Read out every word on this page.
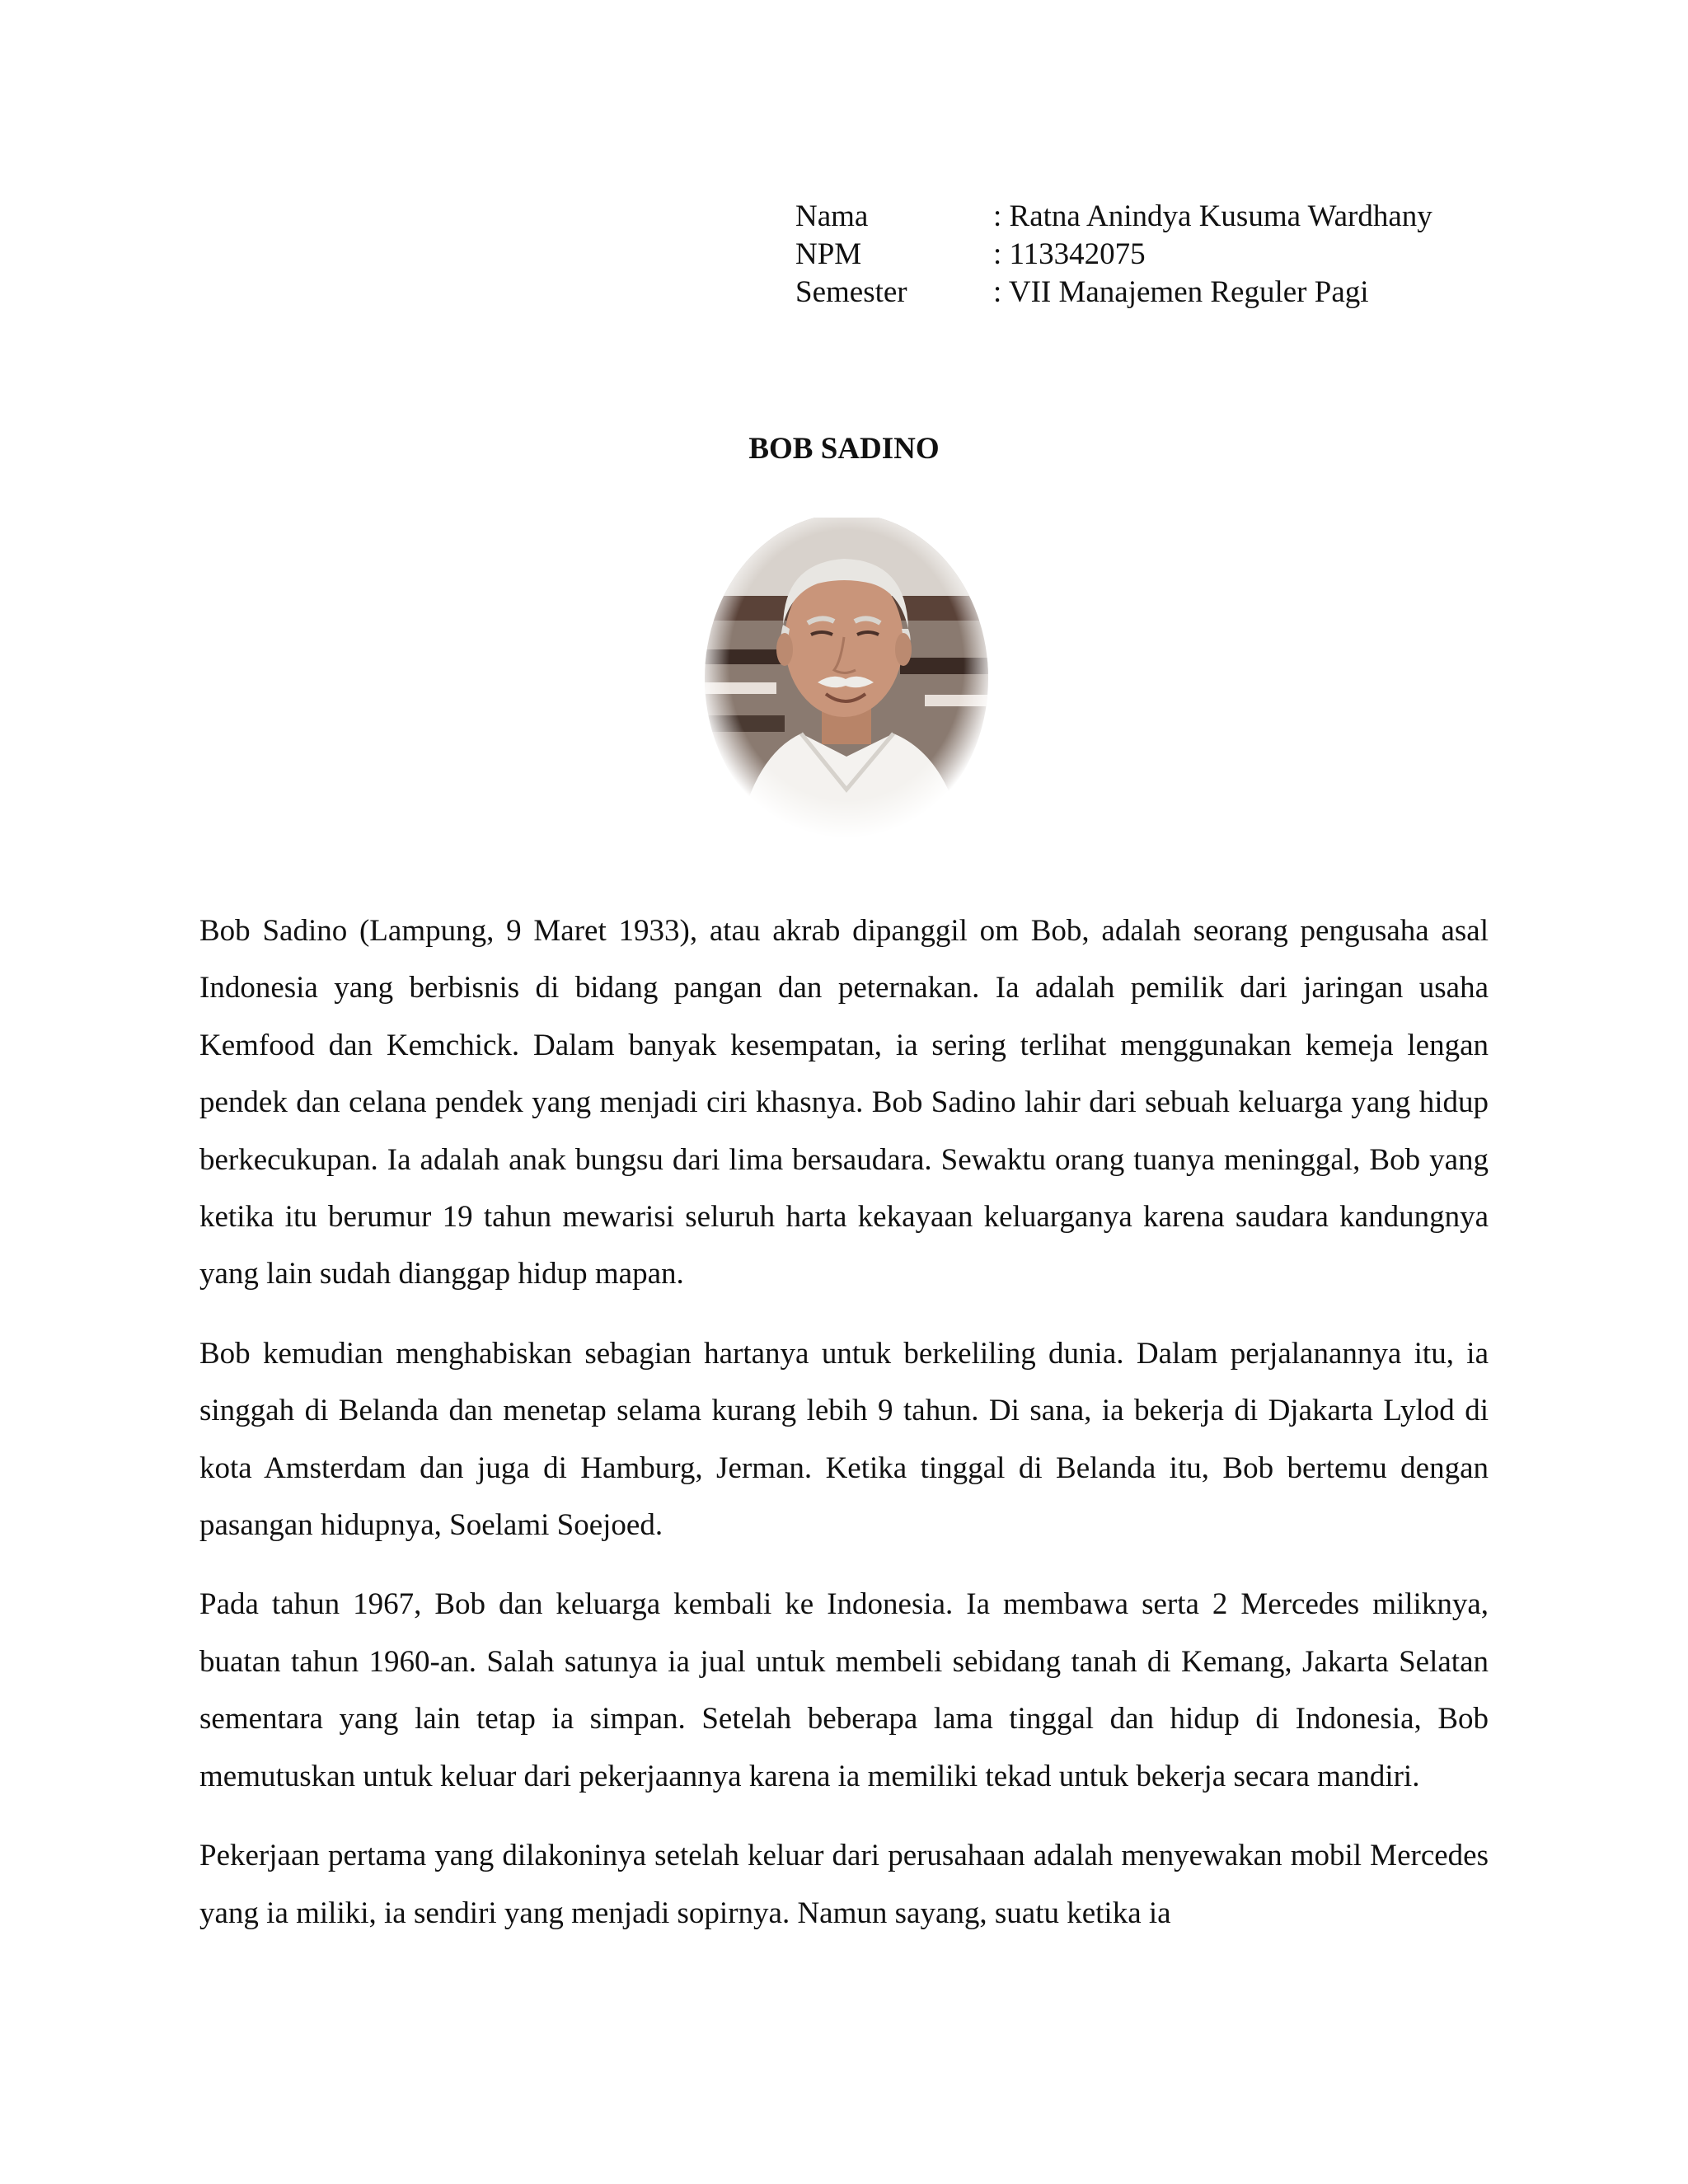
Nama	: Ratna Anindya Kusuma Wardhany
NPM	: 113342075
Semester	: VII Manajemen Reguler Pagi
BOB SADINO

Bob Sadino (Lampung, 9 Maret 1933), atau akrab dipanggil om Bob, adalah seorang pengusaha asal Indonesia yang berbisnis di bidang pangan dan peternakan. Ia adalah pemilik dari jaringan usaha Kemfood dan Kemchick. Dalam banyak kesempatan, ia sering terlihat menggunakan kemeja lengan pendek dan celana pendek yang menjadi ciri khasnya. Bob Sadino lahir dari sebuah keluarga yang hidup berkecukupan. Ia adalah anak bungsu dari lima bersaudara. Sewaktu orang tuanya meninggal, Bob yang ketika itu berumur 19 tahun mewarisi seluruh harta kekayaan keluarganya karena saudara kandungnya yang lain sudah dianggap hidup mapan.

Bob kemudian menghabiskan sebagian hartanya untuk berkeliling dunia. Dalam perjalanannya itu, ia singgah di Belanda dan menetap selama kurang lebih 9 tahun. Di sana, ia bekerja di Djakarta Lylod di kota Amsterdam dan juga di Hamburg, Jerman. Ketika tinggal di Belanda itu, Bob bertemu dengan pasangan hidupnya, Soelami Soejoed.

Pada tahun 1967, Bob dan keluarga kembali ke Indonesia. Ia membawa serta 2 Mercedes miliknya, buatan tahun 1960-an. Salah satunya ia jual untuk membeli sebidang tanah di Kemang, Jakarta Selatan sementara yang lain tetap ia simpan. Setelah beberapa lama tinggal dan hidup di Indonesia, Bob memutuskan untuk keluar dari pekerjaannya karena ia memiliki tekad untuk bekerja secara mandiri.

Pekerjaan pertama yang dilakoninya setelah keluar dari perusahaan adalah menyewakan mobil Mercedes yang ia miliki, ia sendiri yang menjadi sopirnya. Namun sayang, suatu ketika ia
